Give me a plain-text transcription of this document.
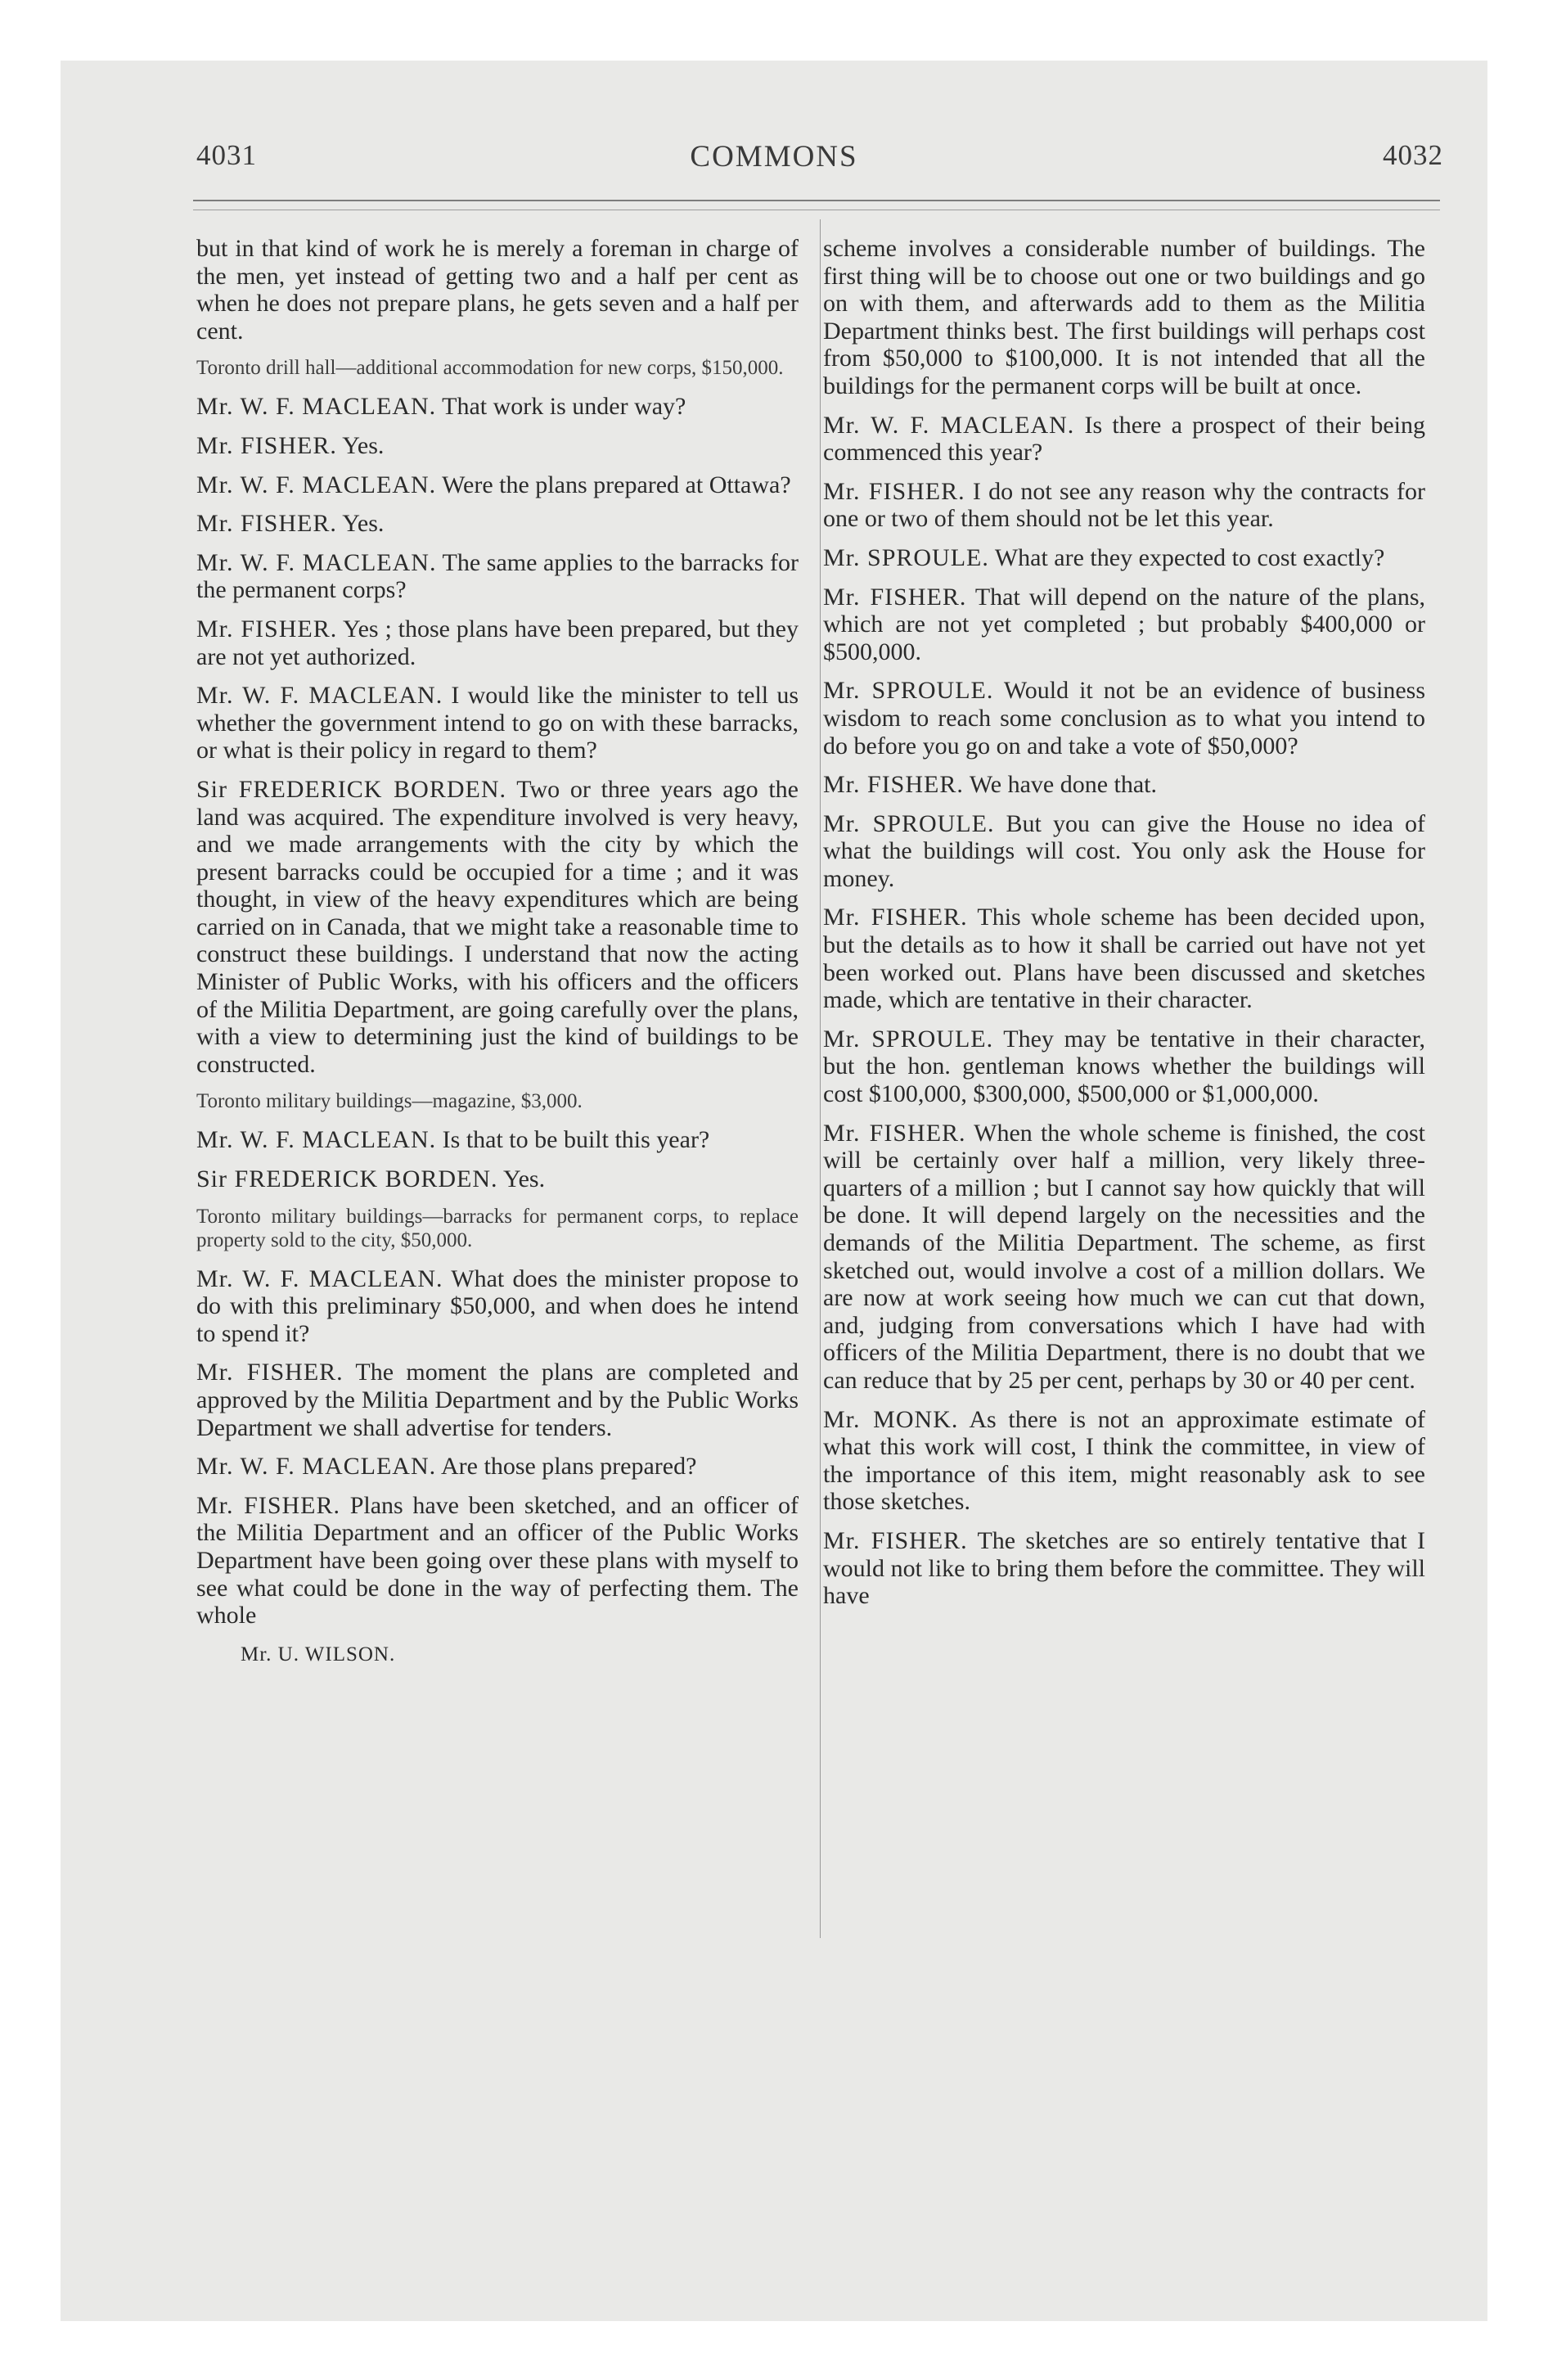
4031	COMMONS	4032

but in that kind of work he is merely a foreman in charge of the men, yet instead of getting two and a half per cent as when he does not prepare plans, he gets seven and a half per cent.

Toronto drill hall—additional accommodation for new corps, $150,000.

Mr. W. F. MACLEAN. That work is under way?

Mr. FISHER. Yes.

Mr. W. F. MACLEAN. Were the plans prepared at Ottawa?

Mr. FISHER. Yes.

Mr. W. F. MACLEAN. The same applies to the barracks for the permanent corps?

Mr. FISHER. Yes ; those plans have been prepared, but they are not yet authorized.

Mr. W. F. MACLEAN. I would like the minister to tell us whether the government intend to go on with these barracks, or what is their policy in regard to them?

Sir FREDERICK BORDEN. Two or three years ago the land was acquired. The expenditure involved is very heavy, and we made arrangements with the city by which the present barracks could be occupied for a time ; and it was thought, in view of the heavy expenditures which are being carried on in Canada, that we might take a reasonable time to construct these buildings. I understand that now the acting Minister of Public Works, with his officers and the officers of the Militia Department, are going carefully over the plans, with a view to determining just the kind of buildings to be constructed.

Toronto military buildings—magazine, $3,000.

Mr. W. F. MACLEAN. Is that to be built this year?

Sir FREDERICK BORDEN. Yes.

Toronto military buildings—barracks for permanent corps, to replace property sold to the city, $50,000.

Mr. W. F. MACLEAN. What does the minister propose to do with this preliminary $50,000, and when does he intend to spend it?

Mr. FISHER. The moment the plans are completed and approved by the Militia Department and by the Public Works Department we shall advertise for tenders.

Mr. W. F. MACLEAN. Are those plans prepared?

Mr. FISHER. Plans have been sketched, and an officer of the Militia Department and an officer of the Public Works Department have been going over these plans with myself to see what could be done in the way of perfecting them. The whole

Mr. U. WILSON.

scheme involves a considerable number of buildings. The first thing will be to choose out one or two buildings and go on with them, and afterwards add to them as the Militia Department thinks best. The first buildings will perhaps cost from $50,000 to $100,000. It is not intended that all the buildings for the permanent corps will be built at once.

Mr. W. F. MACLEAN. Is there a prospect of their being commenced this year?

Mr. FISHER. I do not see any reason why the contracts for one or two of them should not be let this year.

Mr. SPROULE. What are they expected to cost exactly?

Mr. FISHER. That will depend on the nature of the plans, which are not yet completed ; but probably $400,000 or $500,000.

Mr. SPROULE. Would it not be an evidence of business wisdom to reach some conclusion as to what you intend to do before you go on and take a vote of $50,000?

Mr. FISHER. We have done that.

Mr. SPROULE. But you can give the House no idea of what the buildings will cost. You only ask the House for money.

Mr. FISHER. This whole scheme has been decided upon, but the details as to how it shall be carried out have not yet been worked out. Plans have been discussed and sketches made, which are tentative in their character.

Mr. SPROULE. They may be tentative in their character, but the hon. gentleman knows whether the buildings will cost $100,000, $300,000, $500,000 or $1,000,000.

Mr. FISHER. When the whole scheme is finished, the cost will be certainly over half a million, very likely three-quarters of a million ; but I cannot say how quickly that will be done. It will depend largely on the necessities and the demands of the Militia Department. The scheme, as first sketched out, would involve a cost of a million dollars. We are now at work seeing how much we can cut that down, and, judging from conversations which I have had with officers of the Militia Department, there is no doubt that we can reduce that by 25 per cent, perhaps by 30 or 40 per cent.

Mr. MONK. As there is not an approximate estimate of what this work will cost, I think the committee, in view of the importance of this item, might reasonably ask to see those sketches.

Mr. FISHER. The sketches are so entirely tentative that I would not like to bring them before the committee. They will have
